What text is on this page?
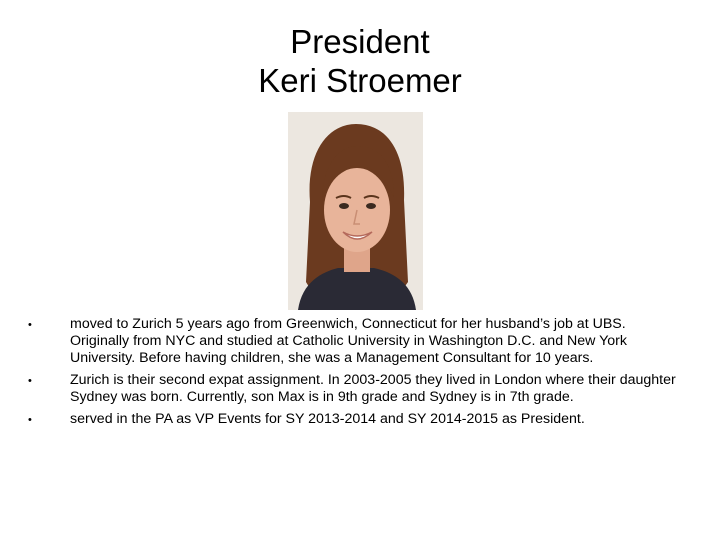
President
Keri Stroemer
•	moved to Zurich 5 years ago from Greenwich, Connecticut for her husband’s job at UBS. Originally from NYC and studied at Catholic University in Washington D.C. and New York University. Before having children, she was a Management Consultant for 10 years.
•	Zurich is their second expat assignment. In 2003-2005 they lived in London where their daughter Sydney was born. Currently, son Max is in 9th grade and Sydney is in 7th grade.
•	served in the PA as VP Events for SY 2013-2014 and SY 2014-2015 as President.
